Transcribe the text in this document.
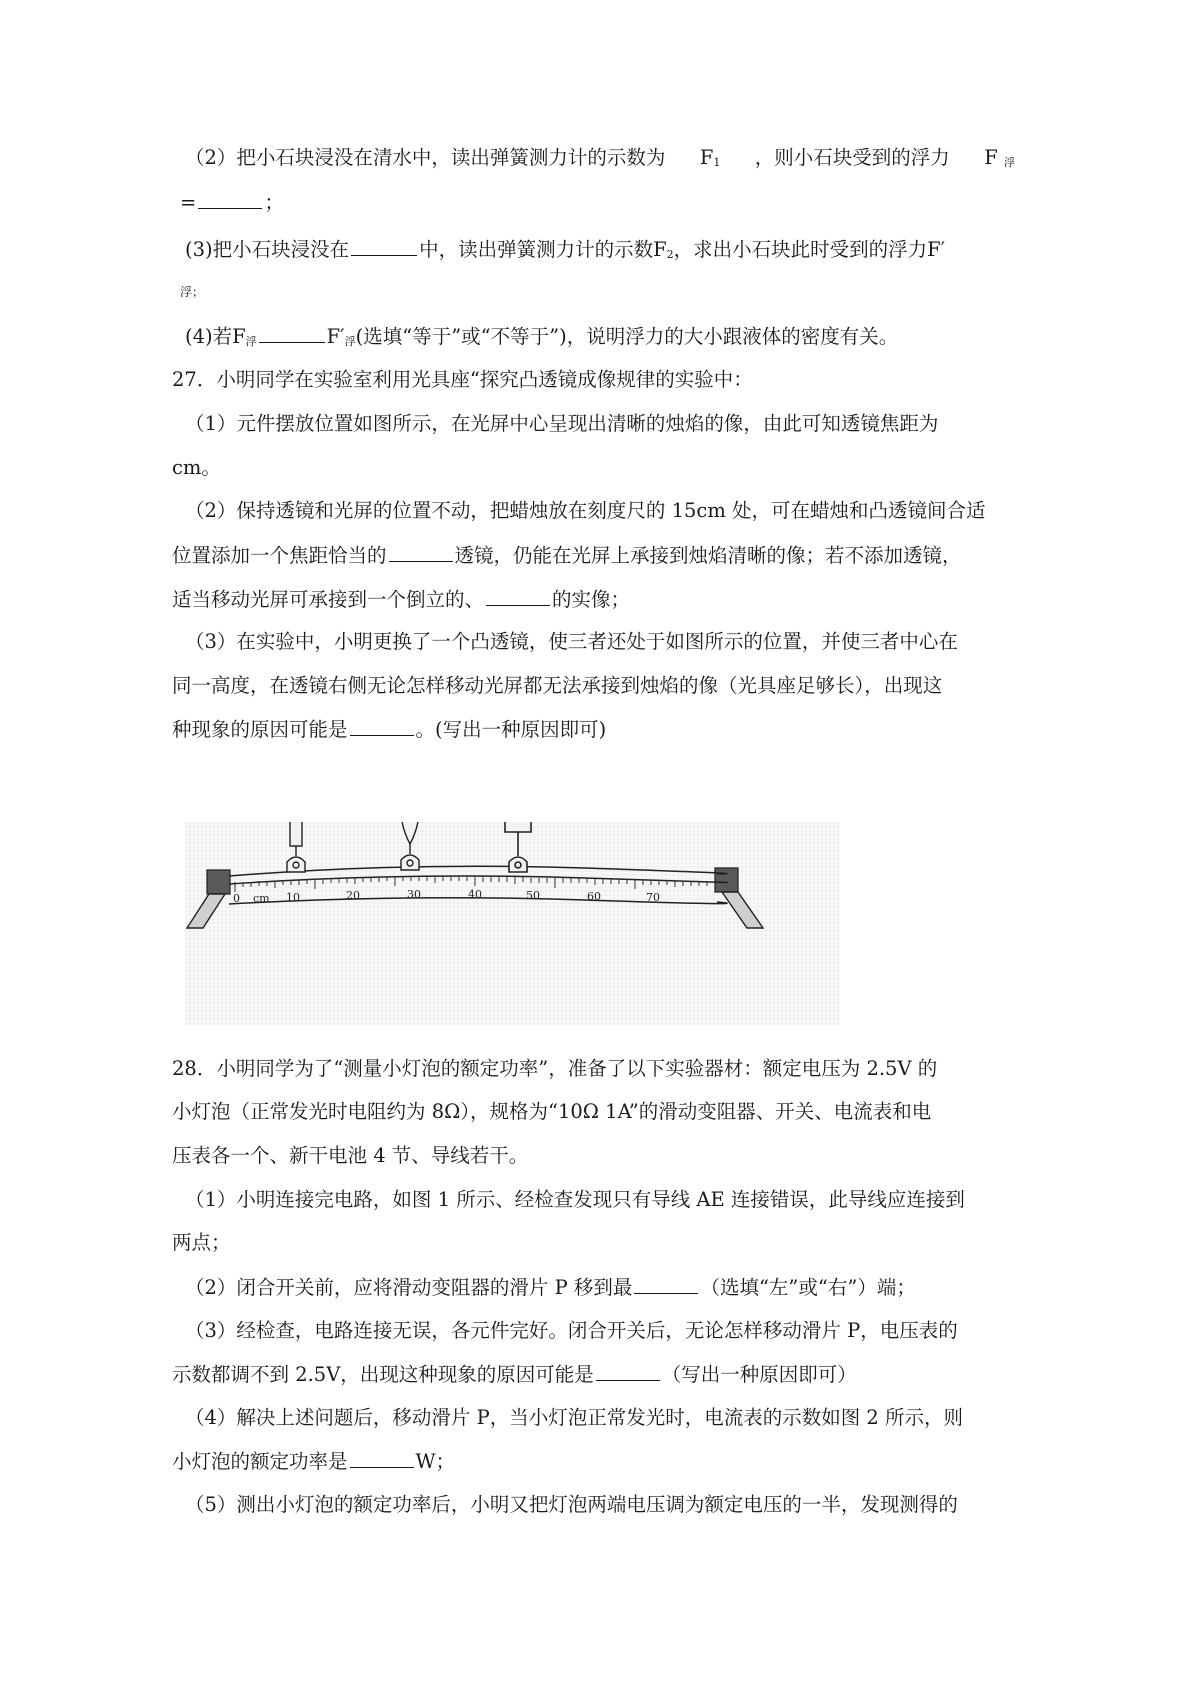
（2）把小石块浸没在清水中，读出弹簧测力计的示数为 F1 ，则小石块受到的浮力 F 浮
=	；
(3)把小石块浸没在	中，读出弹簧测力计的示数F2，求出小石块此时受到的浮力F′
浮；
(4)若F浮	F′浮(选填“等于”或“不等于”)，说明浮力的大小跟液体的密度有关。
27．小明同学在实验室利用光具座“探究凸透镜成像规律的实验中：
（1）元件摆放位置如图所示，在光屏中心呈现出清晰的烛焰的像，由此可知透镜焦距为
cm。
（2）保持透镜和光屏的位置不动，把蜡烛放在刻度尺的 15cm 处，可在蜡烛和凸透镜间合适
位置添加一个焦距恰当的	透镜，仍能在光屏上承接到烛焰清晰的像；若不添加透镜，
适当移动光屏可承接到一个倒立的、	的实像；
（3）在实验中，小明更换了一个凸透镜，使三者还处于如图所示的位置，并使三者中心在
同一高度，在透镜右侧无论怎样移动光屏都无法承接到烛焰的像（光具座足够长），出现这
种现象的原因可能是	。(写出一种原因即可)
0 cm 10	20	30	40	50	60	70
28．小明同学为了“测量小灯泡的额定功率”，准备了以下实验器材：额定电压为 2.5V 的
小灯泡（正常发光时电阻约为 8Ω），规格为“10Ω 1A”的滑动变阻器、开关、电流表和电
压表各一个、新干电池 4 节、导线若干。
（1）小明连接完电路，如图 1 所示、经检查发现只有导线 AE 连接错误，此导线应连接到
两点；
（2）闭合开关前，应将滑动变阻器的滑片 P 移到最	（选填“左”或“右”）端；
（3）经检查，电路连接无误，各元件完好。闭合开关后，无论怎样移动滑片 P，电压表的
示数都调不到 2.5V，出现这种现象的原因可能是	（写出一种原因即可）
（4）解决上述问题后，移动滑片 P，当小灯泡正常发光时，电流表的示数如图 2 所示，则
小灯泡的额定功率是	W；
（5）测出小灯泡的额定功率后，小明又把灯泡两端电压调为额定电压的一半，发现测得的
